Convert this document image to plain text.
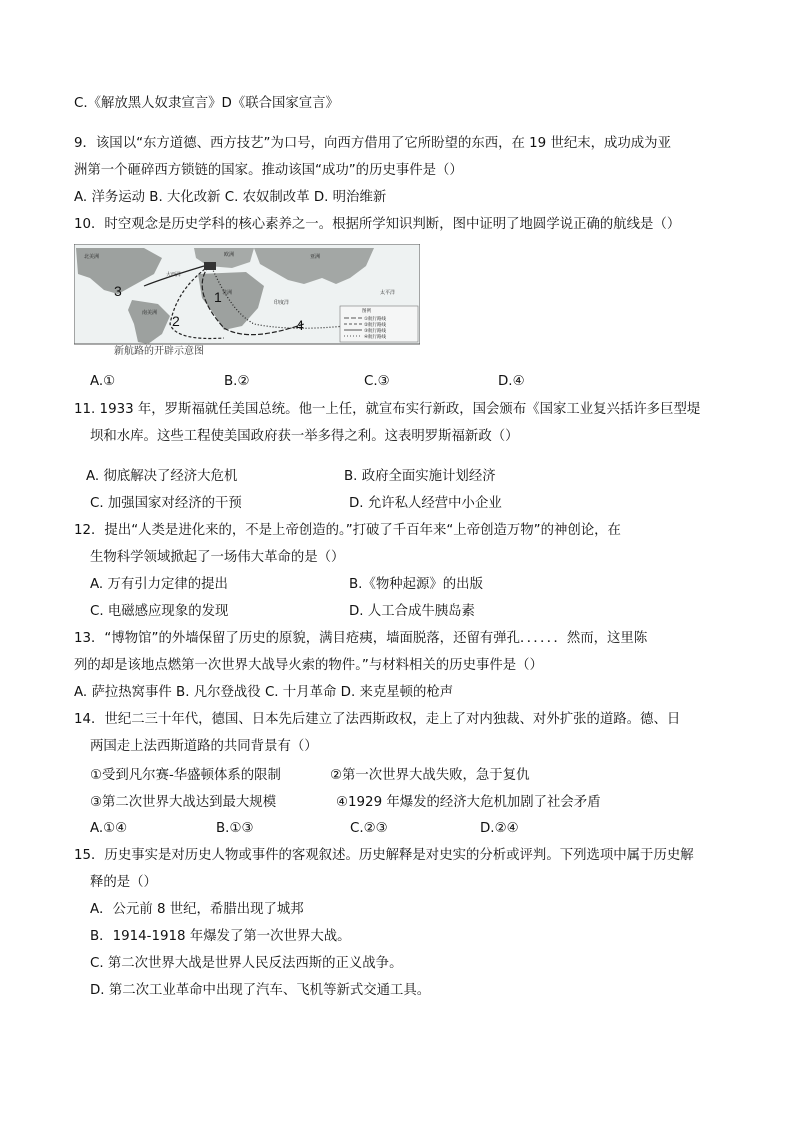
C.《解放黑人奴隶宣言》D《联合国家宣言》
9．该国以“东方道德、西方技艺”为口号，向西方借用了它所盼望的东西，在 19 世纪末，成功成为亚
洲第一个砸碎西方锁链的国家。推动该国“成功”的历史事件是（）
A. 洋务运动 B. 大化改新 C. 农奴制改革 D. 明治维新
10．时空观念是历史学科的核心素养之一。根据所学知识判断，图中证明了地圆学说正确的航线是（）
3
2
1
4
北美洲
大西洋
南美洲
非洲
印度洋
亚洲
太平洋
欧洲
图例
①航行路线
②航行路线
③航行路线
④航行路线
新航路的开辟示意图
A.①	B.②	C.③	D.④
11. 1933 年，罗斯福就任美国总统。他一上任，就宣布实行新政，国会颁布《国家工业复兴括许多巨型堤
坝和水库。这些工程使美国政府获一举多得之利。这表明罗斯福新政（）
A. 彻底解决了经济大危机	B. 政府全面实施计划经济
C. 加强国家对经济的干预	D. 允许私人经营中小企业
12．提出“人类是进化来的，不是上帝创造的。”打破了千百年来“上帝创造万物”的神创论，在
生物科学领域掀起了一场伟大革命的是（）
A. 万有引力定律的提出	B.《物种起源》的出版
C. 电磁感应现象的发现	D. 人工合成牛胰岛素
13．“博物馆”的外墙保留了历史的原貌，满目疮痍，墙面脱落，还留有弹孔．．．．．．然而，这里陈
列的却是该地点燃第一次世界大战导火索的物件。”与材料相关的历史事件是（）
A. 萨拉热窝事件 B. 凡尔登战役 C. 十月革命 D. 来克星顿的枪声
14．世纪二三十年代，德国、日本先后建立了法西斯政权，走上了对内独裁、对外扩张的道路。德、日
两国走上法西斯道路的共同背景有（）
①受到凡尔赛-华盛顿体系的限制	②第一次世界大战失败，急于复仇
③第二次世界大战达到最大规模	④1929 年爆发的经济大危机加剧了社会矛盾
A.①④	B.①③	C.②③	D.②④
15．历史事实是对历史人物或事件的客观叙述。历史解释是对史实的分析或评判。下列选项中属于历史解
释的是（）
A．公元前 8 世纪，希腊出现了城邦
B．1914-1918 年爆发了第一次世界大战。
C. 第二次世界大战是世界人民反法西斯的正义战争。
D. 第二次工业革命中出现了汽车、飞机等新式交通工具。
